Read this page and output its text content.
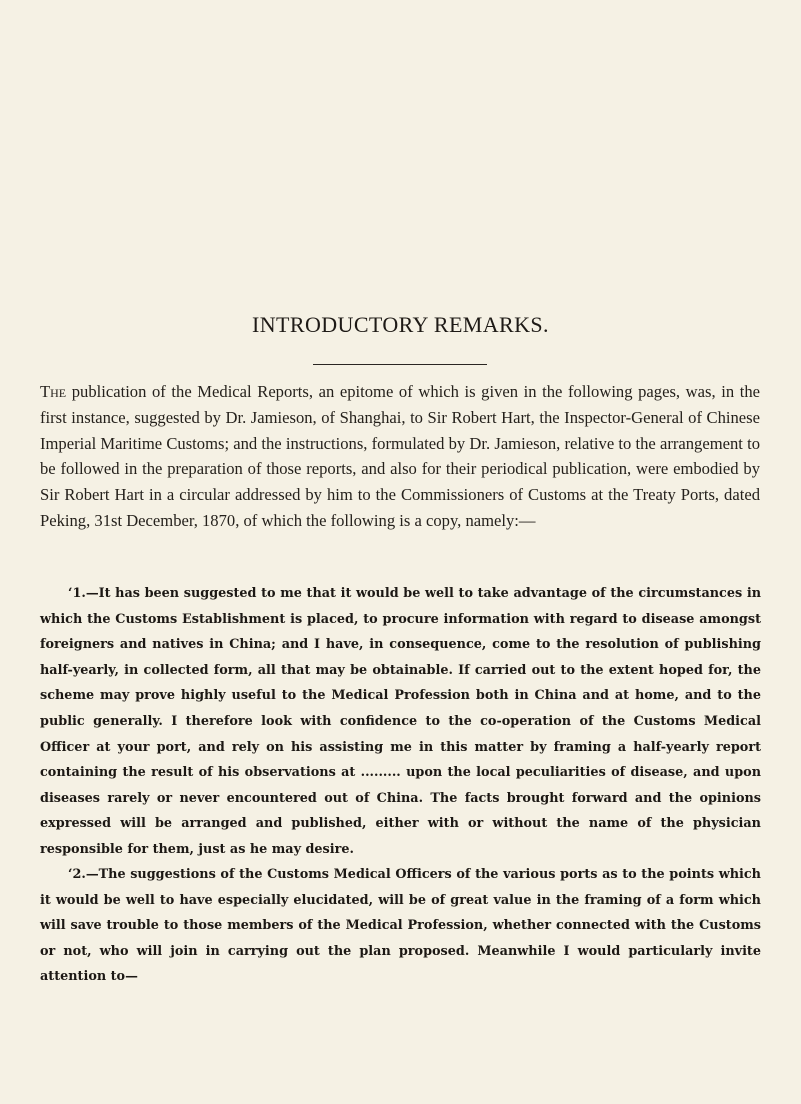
INTRODUCTORY REMARKS.

The publication of the Medical Reports, an epitome of which is given in the following pages, was, in the first instance, suggested by Dr. Jamieson, of Shanghai, to Sir Robert Hart, the Inspector-General of Chinese Imperial Maritime Customs; and the instructions, formulated by Dr. Jamieson, relative to the arrangement to be followed in the preparation of those reports, and also for their periodical publication, were embodied by Sir Robert Hart in a circular addressed by him to the Commissioners of Customs at the Treaty Ports, dated Peking, 31st December, 1870, of which the following is a copy, namely:—

‘1.—It has been suggested to me that it would be well to take advantage of the circumstances in which the Customs Establishment is placed, to procure information with regard to disease amongst foreigners and natives in China; and I have, in consequence, come to the resolution of publishing half-yearly, in collected form, all that may be obtainable. If carried out to the extent hoped for, the scheme may prove highly useful to the Medical Profession both in China and at home, and to the public generally. I therefore look with confidence to the co-operation of the Customs Medical Officer at your port, and rely on his assisting me in this matter by framing a half-yearly report containing the result of his observations at ......... upon the local peculiarities of disease, and upon diseases rarely or never encountered out of China. The facts brought forward and the opinions expressed will be arranged and published, either with or without the name of the physician responsible for them, just as he may desire.

‘2.—The suggestions of the Customs Medical Officers of the various ports as to the points which it would be well to have especially elucidated, will be of great value in the framing of a form which will save trouble to those members of the Medical Profession, whether connected with the Customs or not, who will join in carrying out the plan proposed. Meanwhile I would particularly invite attention to—
